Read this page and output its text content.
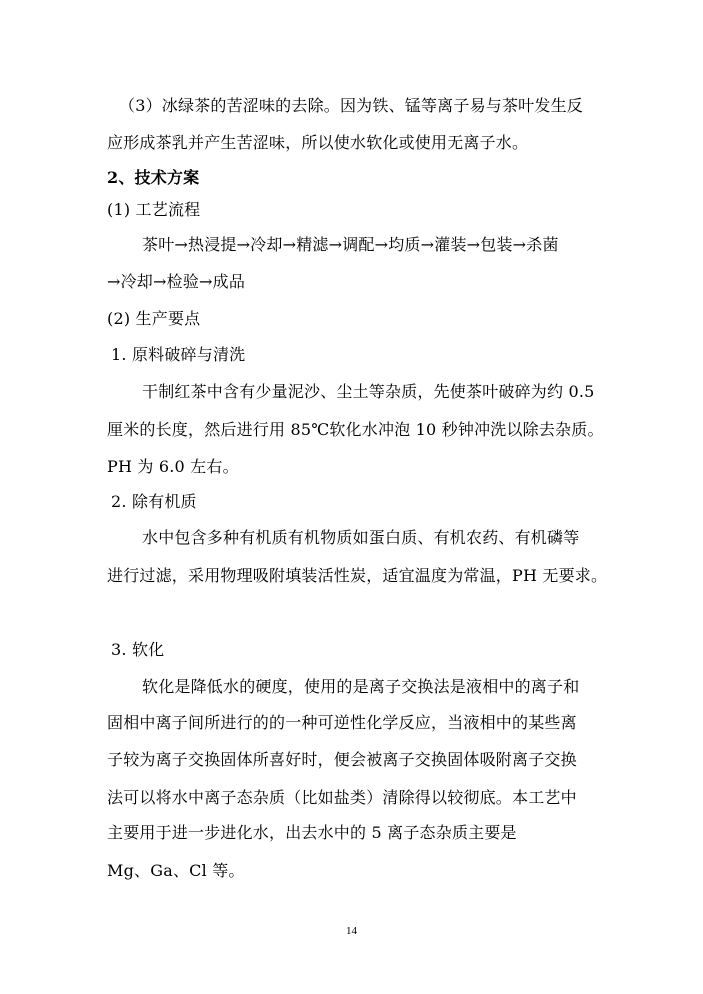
（3）冰绿茶的苦涩味的去除。因为铁、锰等离子易与茶叶发生反
应形成茶乳并产生苦涩味，所以使水软化或使用无离子水。
2、技术方案
(1) 工艺流程
茶叶→热浸提→冷却→精滤→调配→均质→灌装→包装→杀菌
→冷却→检验→成品
(2) 生产要点
1. 原料破碎与清洗
干制红茶中含有少量泥沙、尘土等杂质，先使茶叶破碎为约 0.5
厘米的长度，然后进行用 85℃软化水冲泡 10 秒钟冲洗以除去杂质。
PH 为 6.0 左右。
2. 除有机质
水中包含多种有机质有机物质如蛋白质、有机农药、有机磷等
进行过滤，采用物理吸附填装活性炭，适宜温度为常温，PH 无要求。
3. 软化
软化是降低水的硬度，使用的是离子交换法是液相中的离子和
固相中离子间所进行的的一种可逆性化学反应，当液相中的某些离
子较为离子交换固体所喜好时，便会被离子交换固体吸附离子交换
法可以将水中离子态杂质（比如盐类）清除得以较彻底。本工艺中
主要用于进一步进化水，出去水中的 5 离子态杂质主要是
Mg、Ga、Cl 等。
14
